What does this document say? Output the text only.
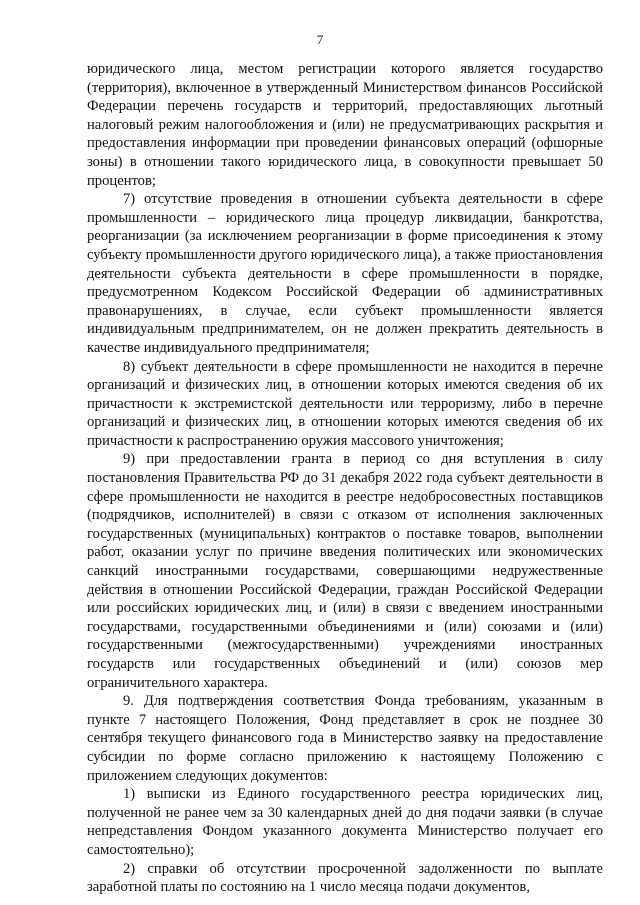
7

юридического лица, местом регистрации которого является государство (территория), включенное в утвержденный Министерством финансов Российской Федерации перечень государств и территорий, предоставляющих льготный налоговый режим налогообложения и (или) не предусматривающих раскрытия и предоставления информации при проведении финансовых операций (офшорные зоны) в отношении такого юридического лица, в совокупности превышает 50 процентов;

7) отсутствие проведения в отношении субъекта деятельности в сфере промышленности – юридического лица процедур ликвидации, банкротства, реорганизации (за исключением реорганизации в форме присоединения к этому субъекту промышленности другого юридического лица), а также приостановления деятельности субъекта деятельности в сфере промышленности в порядке, предусмотренном Кодексом Российской Федерации об административных правонарушениях, в случае, если субъект промышленности является индивидуальным предпринимателем, он не должен прекратить деятельность в качестве индивидуального предпринимателя;

8) субъект деятельности в сфере промышленности не находится в перечне организаций и физических лиц, в отношении которых имеются сведения об их причастности к экстремистской деятельности или терроризму, либо в перечне организаций и физических лиц, в отношении которых имеются сведения об их причастности к распространению оружия массового уничтожения;

9) при предоставлении гранта в период со дня вступления в силу постановления Правительства РФ до 31 декабря 2022 года субъект деятельности в сфере промышленности не находится в реестре недобросовестных поставщиков (подрядчиков, исполнителей) в связи с отказом от исполнения заключенных государственных (муниципальных) контрактов о поставке товаров, выполнении работ, оказании услуг по причине введения политических или экономических санкций иностранными государствами, совершающими недружественные действия в отношении Российской Федерации, граждан Российской Федерации или российских юридических лиц, и (или) в связи с введением иностранными государствами, государственными объединениями и (или) союзами и (или) государственными (межгосударственными) учреждениями иностранных государств или государственных объединений и (или) союзов мер ограничительного характера.

9. Для подтверждения соответствия Фонда требованиям, указанным в пункте 7 настоящего Положения, Фонд представляет в срок не позднее 30 сентября текущего финансового года в Министерство заявку на предоставление субсидии по форме согласно приложению к настоящему Положению с приложением следующих документов:

1) выписки из Единого государственного реестра юридических лиц, полученной не ранее чем за 30 календарных дней до дня подачи заявки (в случае непредставления Фондом указанного документа Министерство получает его самостоятельно);

2) справки об отсутствии просроченной задолженности по выплате заработной платы по состоянию на 1 число месяца подачи документов,
